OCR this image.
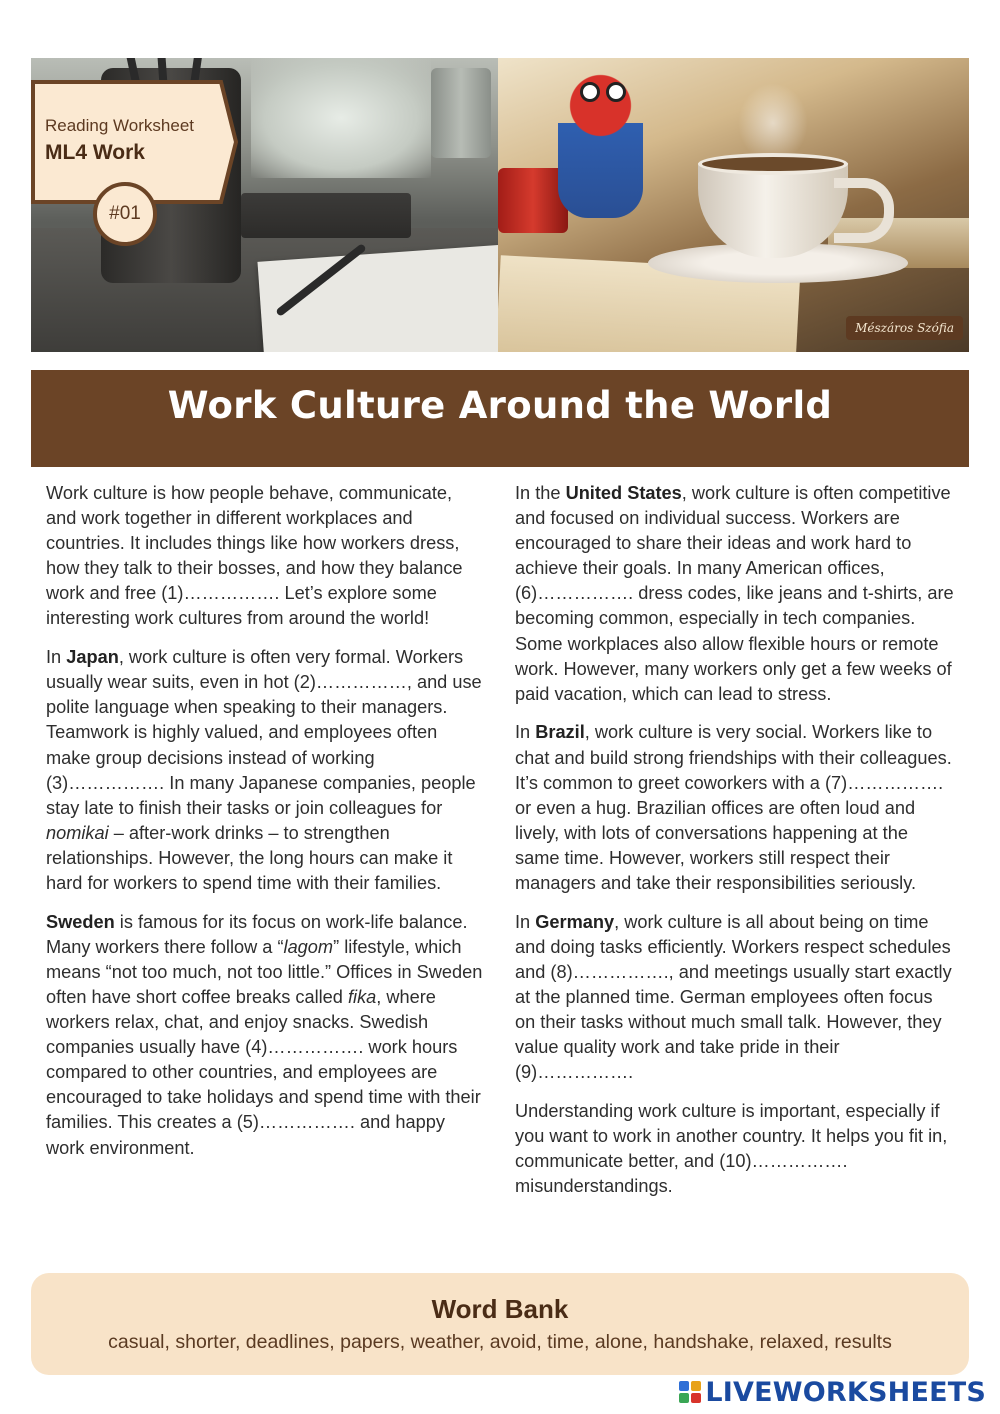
Mészáros Szófia
Reading Worksheet
ML4 Work
#01
Work Culture Around the World

Work culture is how people behave, communicate, and work together in different workplaces and countries. It includes things like how workers dress, how they talk to their bosses, and how they balance work and free (1)……………. Let’s explore some interesting work cultures from around the world!

In Japan, work culture is often very formal. Workers usually wear suits, even in hot (2)……………, and use polite language when speaking to their managers. Teamwork is highly valued, and employees often make group decisions instead of working (3)……………. In many Japanese companies, people stay late to finish their tasks or join colleagues for nomikai – after-work drinks – to strengthen relationships. However, the long hours can make it hard for workers to spend time with their families.

Sweden is famous for its focus on work-life balance. Many workers there follow a “lagom” lifestyle, which means “not too much, not too little.” Offices in Sweden often have short coffee breaks called fika, where workers relax, chat, and enjoy snacks. Swedish companies usually have (4)……………. work hours compared to other countries, and employees are encouraged to take holidays and spend time with their families. This creates a (5)……………. and happy work environment.

In the United States, work culture is often competitive and focused on individual success. Workers are encouraged to share their ideas and work hard to achieve their goals. In many American offices, (6)……………. dress codes, like jeans and t-shirts, are becoming common, especially in tech companies. Some workplaces also allow flexible hours or remote work. However, many workers only get a few weeks of paid vacation, which can lead to stress.

In Brazil, work culture is very social. Workers like to chat and build strong friendships with their colleagues. It’s common to greet coworkers with a (7)……………. or even a hug. Brazilian offices are often loud and lively, with lots of conversations happening at the same time. However, workers still respect their managers and take their responsibilities seriously.

In Germany, work culture is all about being on time and doing tasks efficiently. Workers respect schedules and (8)……………., and meetings usually start exactly at the planned time. German employees often focus on their tasks without much small talk. However, they value quality work and take pride in their (9)…………….

Understanding work culture is important, especially if you want to work in another country. It helps you fit in, communicate better, and (10)……………. misunderstandings.

Word Bank
casual, shorter, deadlines, papers, weather, avoid, time, alone, handshake, relaxed, results
LIVEWORKSHEETS
